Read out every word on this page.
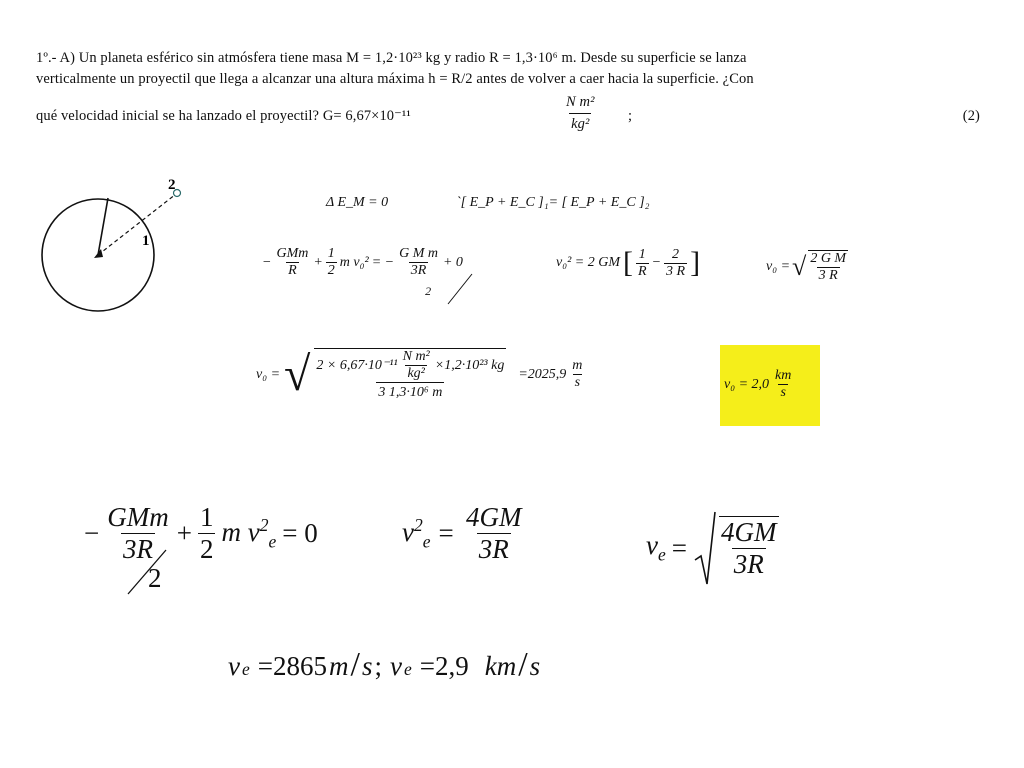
1º.- A) Un planeta esférico sin atmósfera tiene masa M = 1,2·10²³ kg y radio R = 1,3·10⁶ m. Desde su superficie se lanza
verticalmente un proyectil que llega a alcanzar una altura máxima h = R/2 antes de volver a caer hacia la superficie. ¿Con
qué velocidad inicial se ha lanzado el proyectil? G= 6,67×10⁻¹¹	$\frac{\text{N m²}}{\text{kg²}}$ ;	(2)
1
2
Δ E_M = 0	`[ E_P + E_C ]₁= [ E_P + E_C ]₂
− $\frac{\text{GMm}}{R} + \frac{1}{2}$ m v₀² = −
G M m
3R
2
+ 0	v₀² = 2 GM [ $\frac{1}{R} - \frac{2}{3 R}$ ]	v₀ = √ $\frac{\text{2 G M}}{3 R}$
v₀ = √ $2 \times 6,67\cdot 10^{-11} \frac{\text{N m²}}{\text{kg²}} \times 1,2\cdot 10^{23}$ kg
3 1,3·10⁶ m
$=2025,9 \frac{m}{s}$	$v_0 = 2,0 \frac{km}{s}$
− $\frac{\text{GMm}}{3R} + \frac{1}{2}$ m $v^2_e = 0$
2
$v^2_e = \frac{4GM}{3R}$	$v_e = \frac{4GM}{3R}$
v e =2865 m / s ; v e =2,9 km / s
